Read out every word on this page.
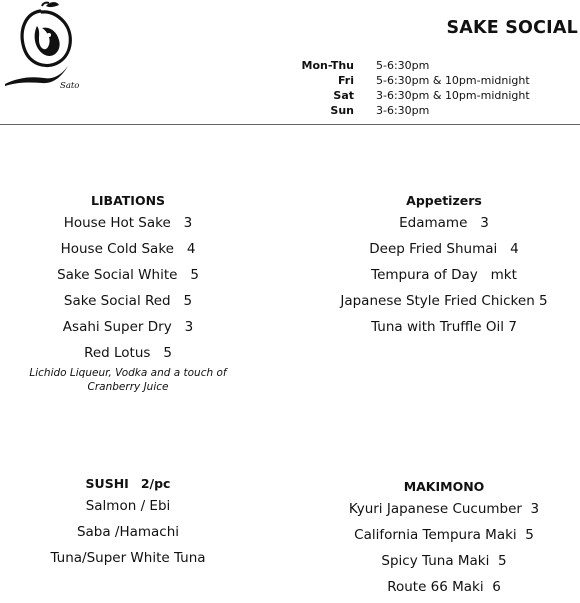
Sato
SAKE SOCIAL
Mon-Thu	5-6:30pm
Fri	5-6:30pm & 10pm-midnight
Sat	3-6:30pm & 10pm-midnight
Sun	3-6:30pm
LIBATIONS
House Hot Sake   3
House Cold Sake   4
Sake Social White   5
Sake Social Red   5
Asahi Super Dry   3
Red Lotus   5
Lichido Liqueur, Vodka and a touch of
Cranberry Juice
Appetizers
Edamame   3
Deep Fried Shumai   4
Tempura of Day   mkt
Japanese Style Fried Chicken 5
Tuna with Truffle Oil 7
SUSHI 2/pc
Salmon / Ebi
Saba /Hamachi
Tuna/Super White Tuna
MAKIMONO
Kyuri Japanese Cucumber  3
California Tempura Maki  5
Spicy Tuna Maki  5
Route 66 Maki  6
